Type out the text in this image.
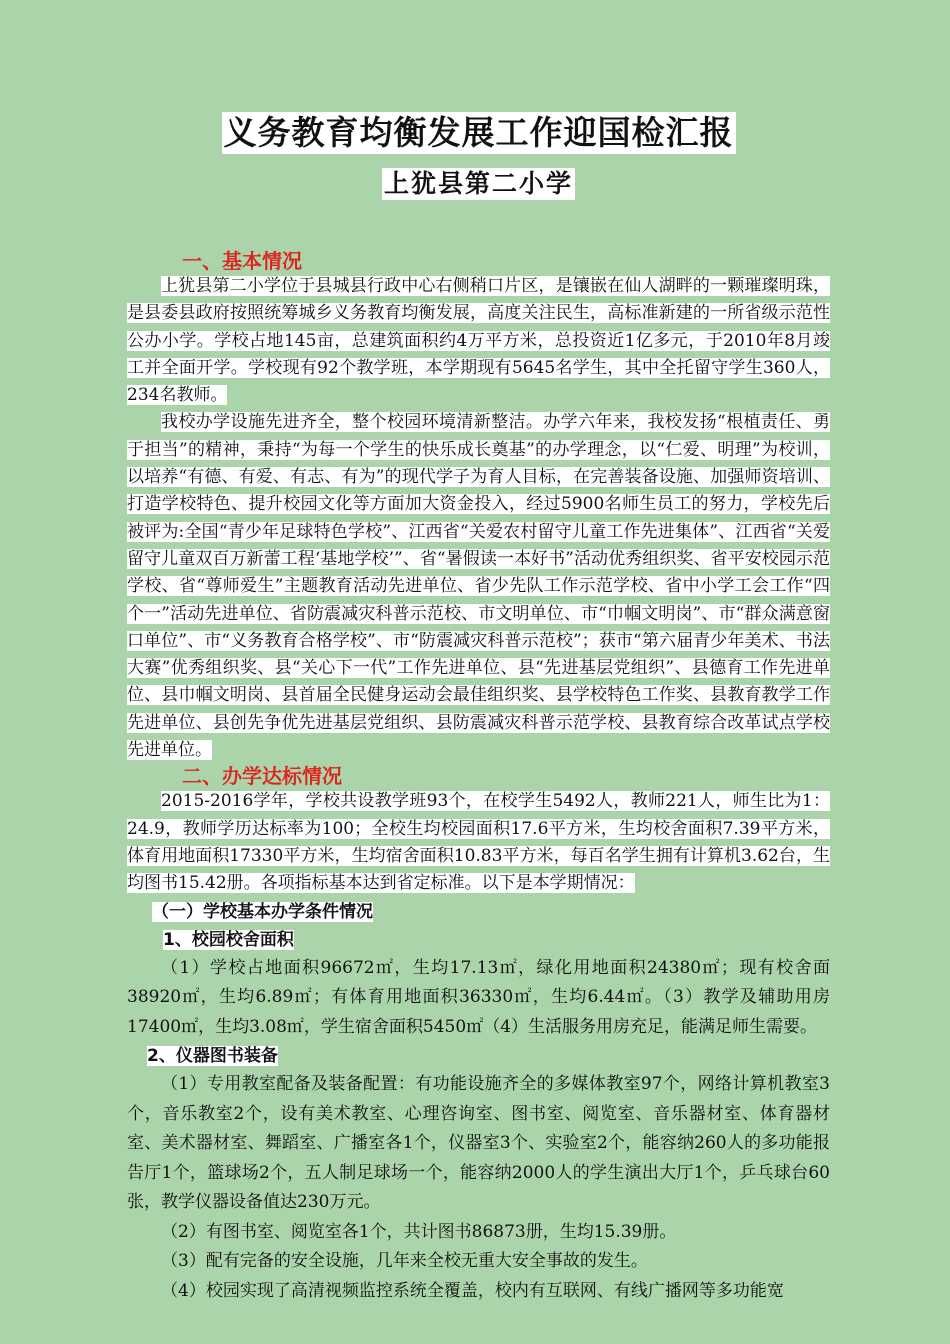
义务教育均衡发展工作迎国检汇报
上犹县第二小学

一、基本情况

上犹县第二小学位于县城县行政中心右侧稍口片区，是镶嵌在仙人湖畔的一颗璀璨明珠，是县委县政府按照统筹城乡义务教育均衡发展，高度关注民生，高标准新建的一所省级示范性公办小学。学校占地145亩，总建筑面积约4万平方米，总投资近1亿多元，于2010年8月竣工并全面开学。学校现有92个教学班，本学期现有5645名学生，其中全托留守学生360人，234名教师。

我校办学设施先进齐全，整个校园环境清新整洁。办学六年来，我校发扬“根植责任、勇于担当”的精神，秉持“为每一个学生的快乐成长奠基”的办学理念，以“仁爱、明理”为校训，以培养“有德、有爱、有志、有为”的现代学子为育人目标，在完善装备设施、加强师资培训、打造学校特色、提升校园文化等方面加大资金投入，经过5900名师生员工的努力，学校先后被评为:全国“青少年足球特色学校”、江西省“关爱农村留守儿童工作先进集体”、江西省“关爱留守儿童双百万新蕾工程‘基地学校’”、省“暑假读一本好书”活动优秀组织奖、省平安校园示范学校、省“尊师爱生”主题教育活动先进单位、省少先队工作示范学校、省中小学工会工作“四个一”活动先进单位、省防震减灾科普示范校、市文明单位、市“巾帼文明岗”、市“群众满意窗口单位”、市“义务教育合格学校”、市“防震减灾科普示范校”；获市“第六届青少年美术、书法大赛”优秀组织奖、县“关心下一代”工作先进单位、县“先进基层党组织”、县德育工作先进单位、县巾帼文明岗、县首届全民健身运动会最佳组织奖、县学校特色工作奖、县教育教学工作先进单位、县创先争优先进基层党组织、县防震减灾科普示范学校、县教育综合改革试点学校先进单位。

二、办学达标情况

2015-2016学年，学校共设教学班93个，在校学生5492人，教师221人，师生比为1：24.9，教师学历达标率为100；全校生均校园面积17.6平方米，生均校舍面积7.39平方米，体育用地面积17330平方米，生均宿舍面积10.83平方米，每百名学生拥有计算机3.62台，生均图书15.42册。各项指标基本达到省定标准。以下是本学期情况：

（一）学校基本办学条件情况

1、校园校舍面积

（1）学校占地面积96672㎡，生均17.13㎡，绿化用地面积24380㎡；现有校舍面38920㎡，生均6.89㎡；有体育用地面积36330㎡，生均6.44㎡。（3）教学及辅助用房17400㎡，生均3.08㎡，学生宿舍面积5450㎡（4）生活服务用房充足，能满足师生需要。

2、仪器图书装备

（1）专用教室配备及装备配置：有功能设施齐全的多媒体教室97个，网络计算机教室3个，音乐教室2个，设有美术教室、心理咨询室、图书室、阅览室、音乐器材室、体育器材室、美术器材室、舞蹈室、广播室各1个，仪器室3个、实验室2个，能容纳260人的多功能报告厅1个，篮球场2个，五人制足球场一个，能容纳2000人的学生演出大厅1个，乒乓球台60张，教学仪器设备值达230万元。

（2）有图书室、阅览室各1个，共计图书86873册，生均15.39册。

（3）配有完备的安全设施，几年来全校无重大安全事故的发生。

（4）校园实现了高清视频监控系统全覆盖，校内有互联网、有线广播网等多功能宽
